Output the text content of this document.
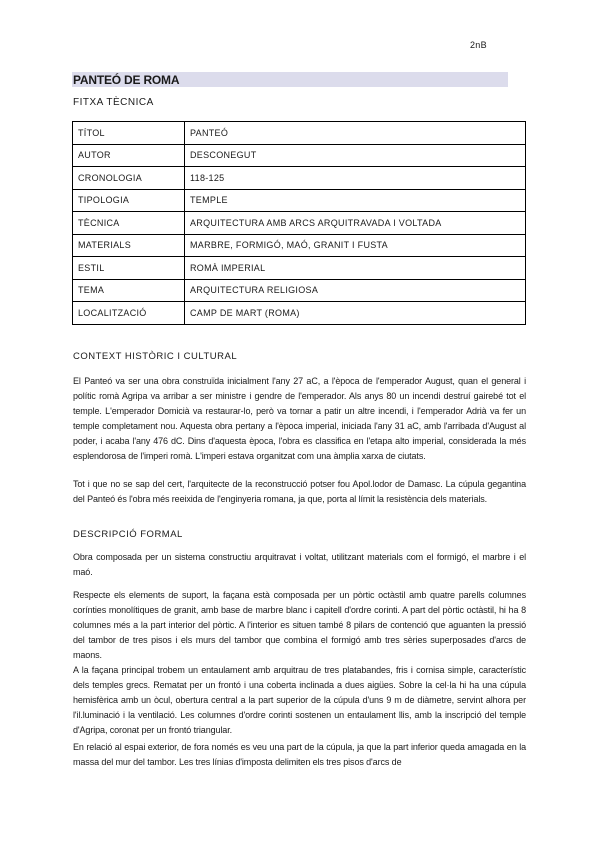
2nB
PANTEÓ DE ROMA
FITXA TÈCNICA
TÍTOL	PANTEÓ
AUTOR	DESCONEGUT
CRONOLOGIA	118-125
TIPOLOGIA	TEMPLE
TÈCNICA	ARQUITECTURA AMB ARCS ARQUITRAVADA I VOLTADA
MATERIALS	MARBRE, FORMIGÓ, MAÓ, GRANIT I FUSTA
ESTIL	ROMÀ IMPERIAL
TEMA	ARQUITECTURA RELIGIOSA
LOCALITZACIÓ	CAMP DE MART (ROMA)
CONTEXT HISTÒRIC I CULTURAL
El Panteó va ser una obra construïda inicialment l'any 27 aC, a l'època de l'emperador August, quan el general i polític romà Agripa va arribar a ser ministre i gendre de l'emperador. Als anys 80 un incendi destruí gairebé tot el temple. L'emperador Domicià va restaurar-lo, però va tornar a patir un altre incendi, i l'emperador Adrià va fer un temple completament nou. Aquesta obra pertany a l'època imperial, iniciada l'any 31 aC, amb l'arribada d'August al poder, i acaba l'any 476 dC. Dins d'aquesta època, l'obra es classifica en l'etapa alto imperial, considerada la més esplendorosa de l'imperi romà. L'imperi estava organitzat com una àmplia xarxa de ciutats.
Tot i que no se sap del cert, l'arquitecte de la reconstrucció potser fou Apol.lodor de Damasc. La cúpula gegantina del Panteó és l'obra més reeixida de l'enginyeria romana, ja que, porta al límit la resistència dels materials.
DESCRIPCIÓ FORMAL
Obra composada per un sistema constructiu arquitravat i voltat, utilitzant materials com el formigó, el marbre i el maó.
Respecte els elements de suport, la façana està composada per un pòrtic octàstil amb quatre parells columnes corínties monolítiques de granit, amb base de marbre blanc i capitell d'ordre corinti. A part del pòrtic octàstil, hi ha 8 columnes més a la part interior del pòrtic. A l'interior es situen també 8 pilars de contenció que aguanten la pressió del tambor de tres pisos i els murs del tambor que combina el formigó amb tres sèries superposades d'arcs de maons.
A la façana principal trobem un entaulament amb arquitrau de tres platabandes, fris i cornisa simple, característic dels temples grecs. Rematat per un frontó i una coberta inclinada a dues aigües. Sobre la cel·la hi ha una cúpula hemisfèrica amb un òcul, obertura central a la part superior de la cúpula d'uns 9 m de diàmetre, servint alhora per l'il.luminació i la ventilació. Les columnes d'ordre corinti sostenen un entaulament llis, amb la inscripció del temple d'Agripa, coronat per un frontó triangular.
En relació al espai exterior, de fora només es veu una part de la cúpula, ja que la part inferior queda amagada en la massa del mur del tambor. Les tres línias d'imposta delimiten els tres pisos d'arcs de
